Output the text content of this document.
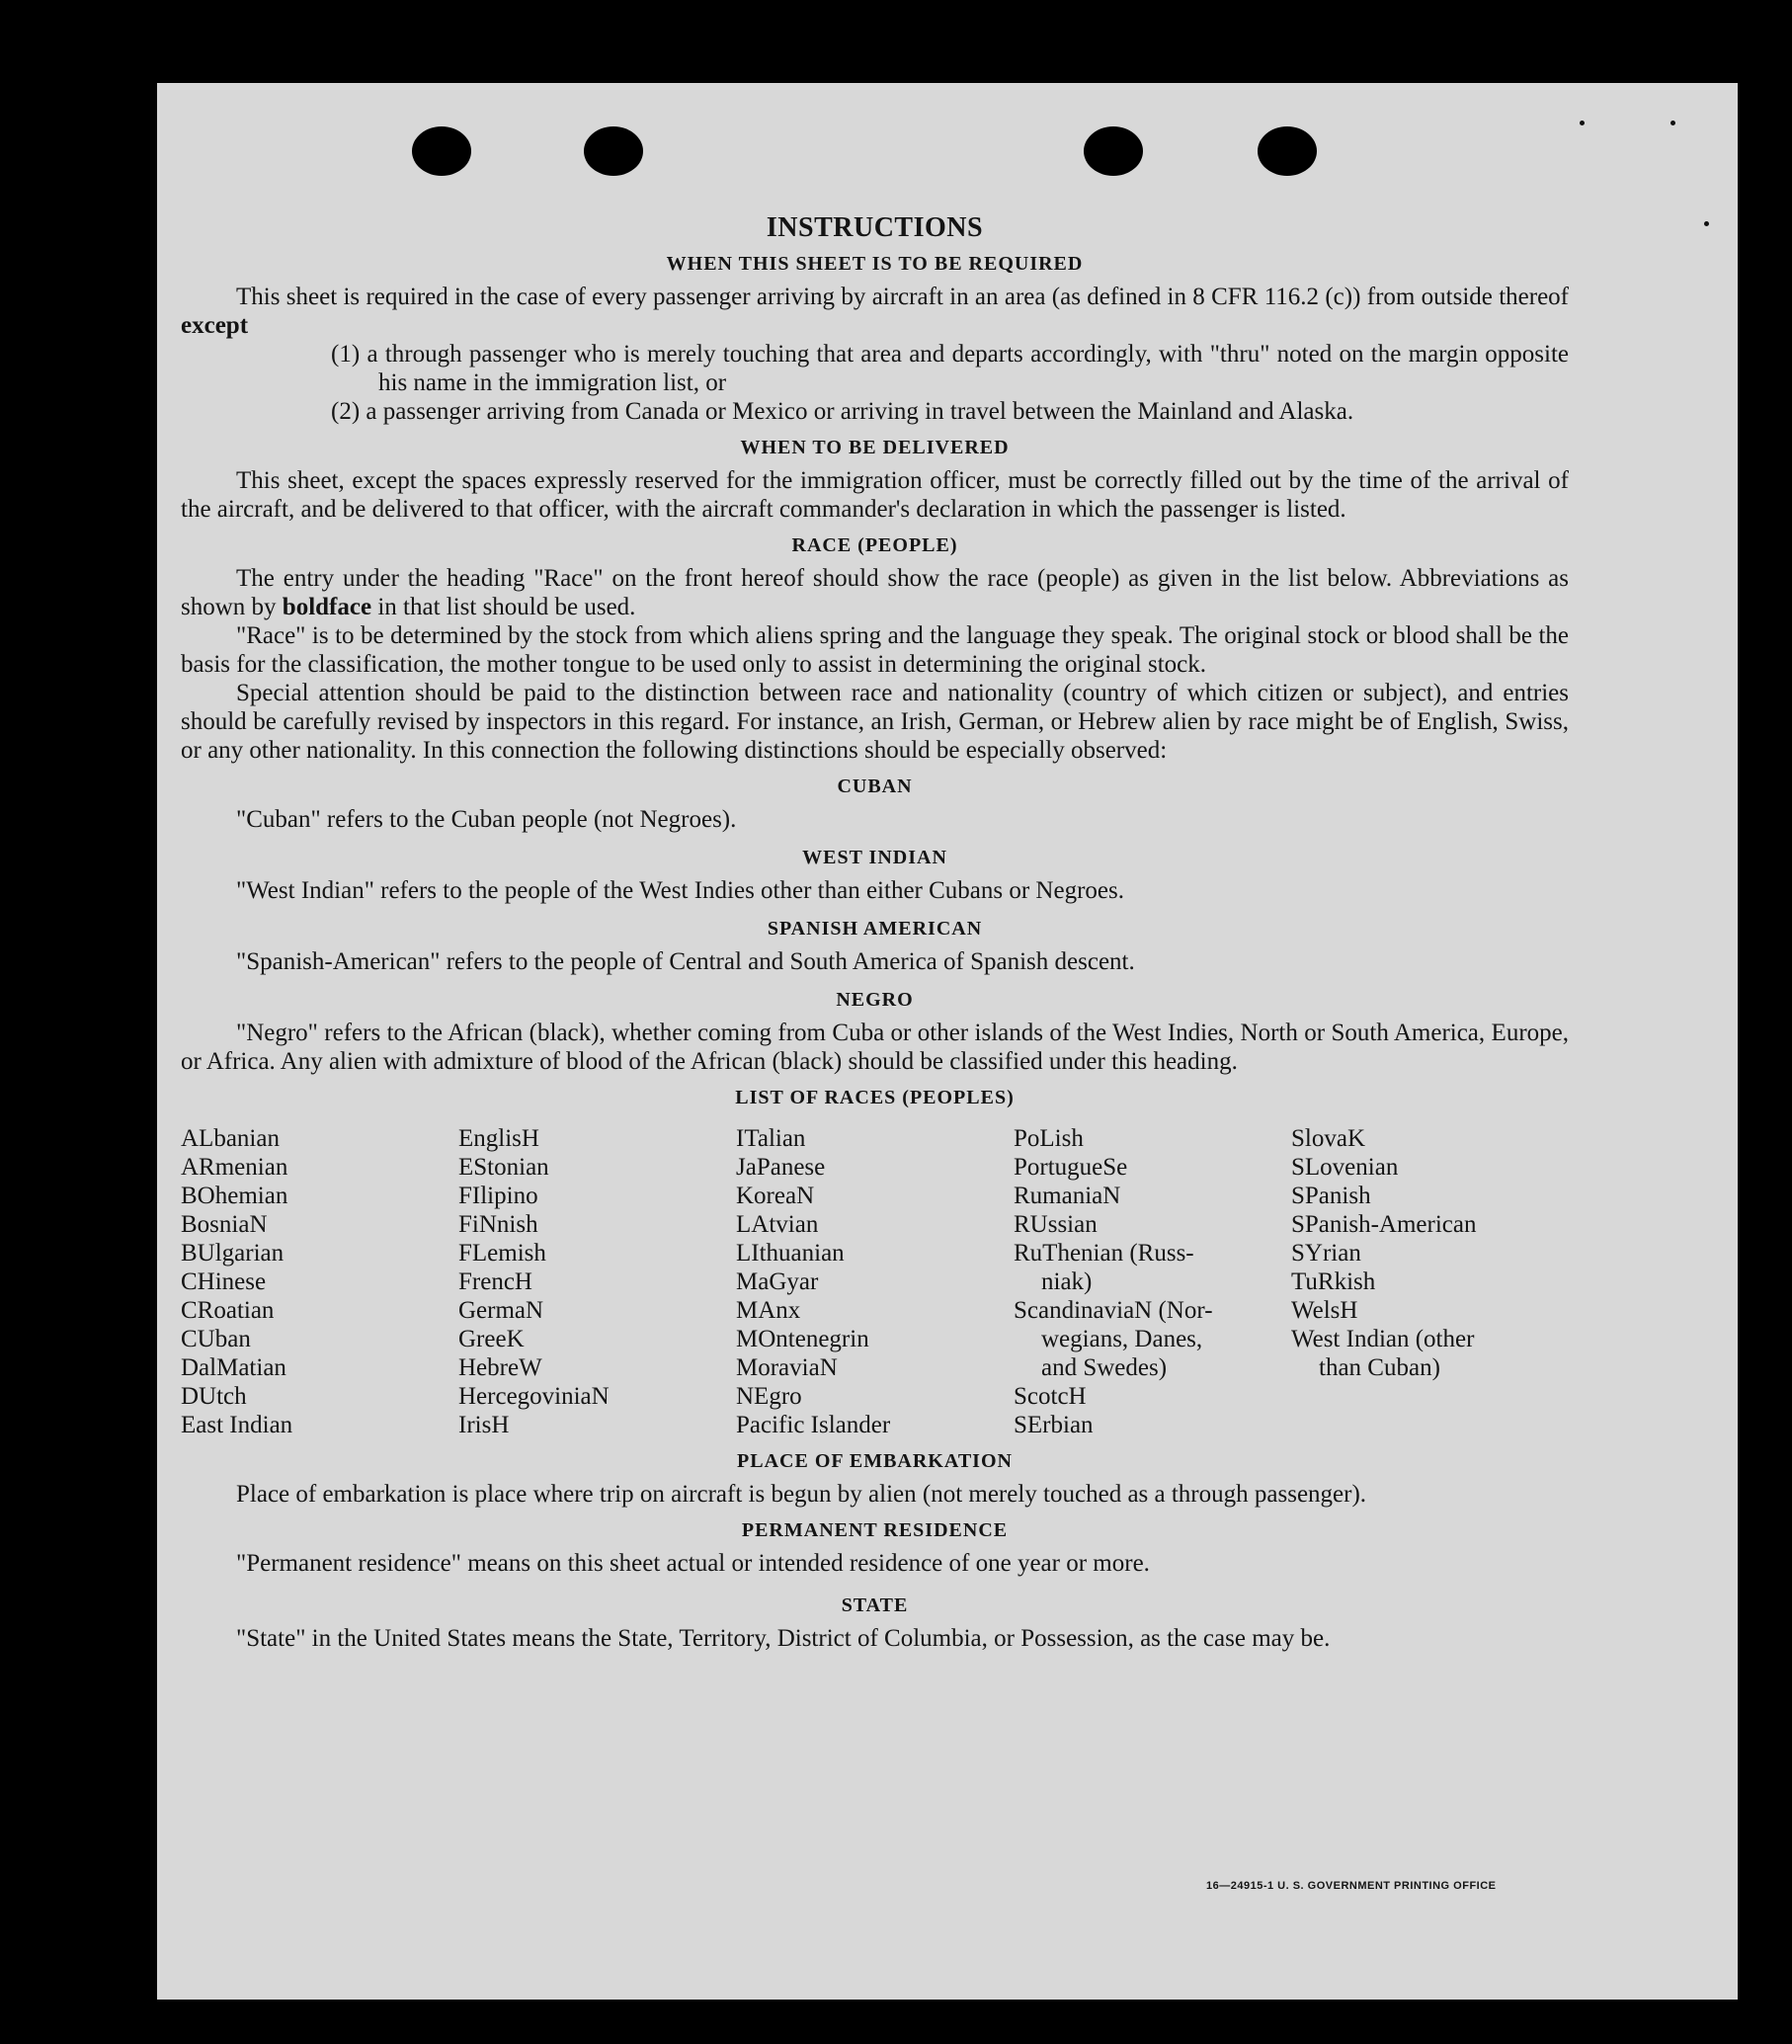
INSTRUCTIONS
WHEN THIS SHEET IS TO BE REQUIRED

This sheet is required in the case of every passenger arriving by aircraft in an area (as defined in 8 CFR 116.2 (c)) from outside thereof except

(1) a through passenger who is merely touching that area and departs accordingly, with "thru" noted on the margin opposite his name in the immigration list, or

(2) a passenger arriving from Canada or Mexico or arriving in travel between the Mainland and Alaska.

WHEN TO BE DELIVERED

This sheet, except the spaces expressly reserved for the immigration officer, must be correctly filled out by the time of the arrival of the aircraft, and be delivered to that officer, with the aircraft commander's declaration in which the passenger is listed.

RACE (PEOPLE)

The entry under the heading "Race" on the front hereof should show the race (people) as given in the list below. Abbreviations as shown by boldface in that list should be used.

"Race" is to be determined by the stock from which aliens spring and the language they speak. The original stock or blood shall be the basis for the classification, the mother tongue to be used only to assist in determining the original stock.

Special attention should be paid to the distinction between race and nationality (country of which citizen or subject), and entries should be carefully revised by inspectors in this regard. For instance, an Irish, German, or Hebrew alien by race might be of English, Swiss, or any other nationality. In this connection the following distinctions should be especially observed:

CUBAN

"Cuban" refers to the Cuban people (not Negroes).

WEST INDIAN

"West Indian" refers to the people of the West Indies other than either Cubans or Negroes.

SPANISH AMERICAN

"Spanish-American" refers to the people of Central and South America of Spanish descent.

NEGRO

"Negro" refers to the African (black), whether coming from Cuba or other islands of the West Indies, North or South America, Europe, or Africa. Any alien with admixture of blood of the African (black) should be classified under this heading.

LIST OF RACES (PEOPLES)
ALbanian
ARmenian
BOhemian
BosniaN
BUlgarian
CHinese
CRoatian
CUban
DalMatian
DUtch
East Indian
EnglisH
EStonian
FIlipino
FiNnish
FLemish
FrencH
GermaN
GreeK
HebreW
HercegoviniaN
IrisH
ITalian
JaPanese
KoreaN
LAtvian
LIthuanian
MaGyar
MAnx
MOntenegrin
MoraviaN
NEgro
Pacific Islander
PoLish
PortugueSe
RumaniaN
RUssian
RuThenian (Russ-
niak)
ScandinaviaN (Nor-
wegians, Danes,
and Swedes)
ScotcH
SErbian
SlovaK
SLovenian
SPanish
SPanish-American
SYrian
TuRkish
WelsH
West Indian (other
than Cuban)
PLACE OF EMBARKATION

Place of embarkation is place where trip on aircraft is begun by alien (not merely touched as a through passenger).

PERMANENT RESIDENCE

"Permanent residence" means on this sheet actual or intended residence of one year or more.

STATE

"State" in the United States means the State, Territory, District of Columbia, or Possession, as the case may be.

16—24915-1 U. S. GOVERNMENT PRINTING OFFICE
